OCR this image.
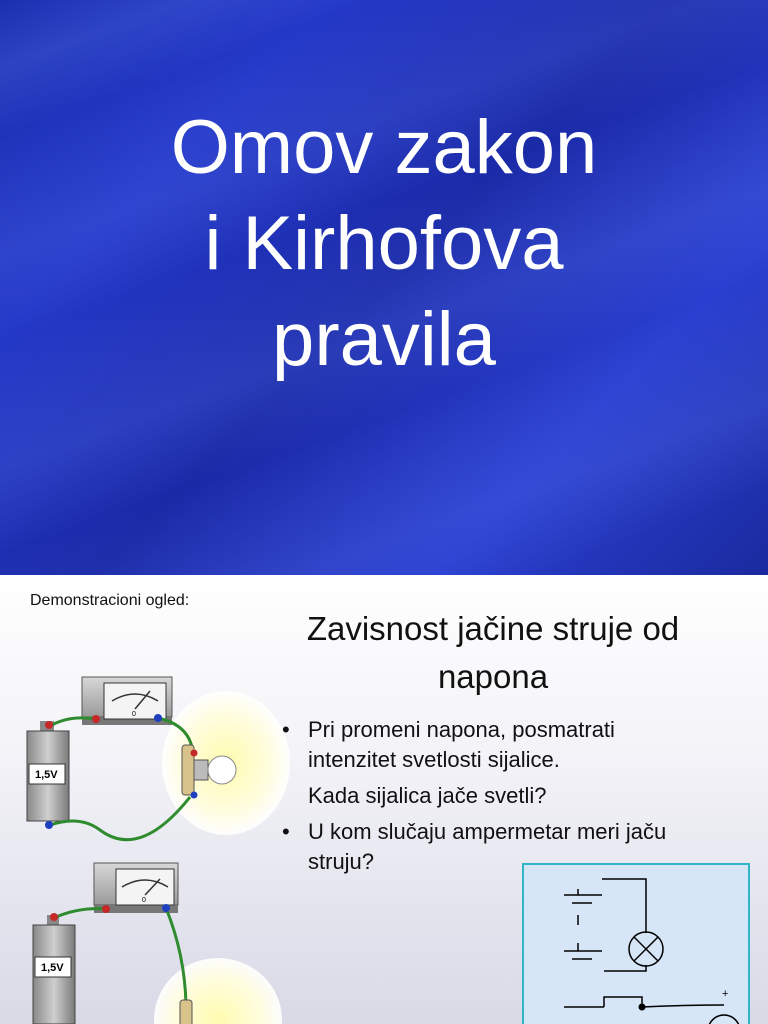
Omov zakon
i Kirhofova
pravila
Demonstracioni ogled:
Zavisnost jačine struje od
napona
• Pri promeni napona, posmatrati
intenzitet svetlosti sijalice.
Kada sijalica jače svetli?
• U kom slučaju ampermetar meri jaču
struju?
0
1,5V
0
1,5V
+
